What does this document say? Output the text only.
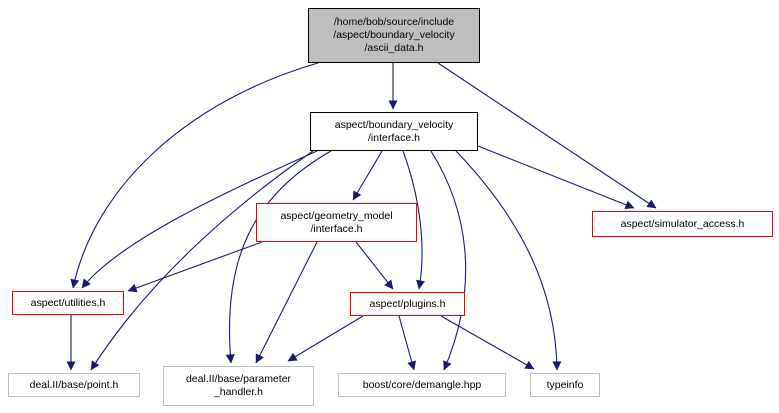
/home/bob/source/include
/aspect/boundary_velocity
/ascii_data.h
aspect/boundary_velocity
/interface.h
aspect/geometry_model
/interface.h	aspect/simulator_access.h
aspect/utilities.h	aspect/plugins.h
deal.II/base/point.h	deal.II/base/parameter
_handler.h
boost/core/demangle.hpp	typeinfo
